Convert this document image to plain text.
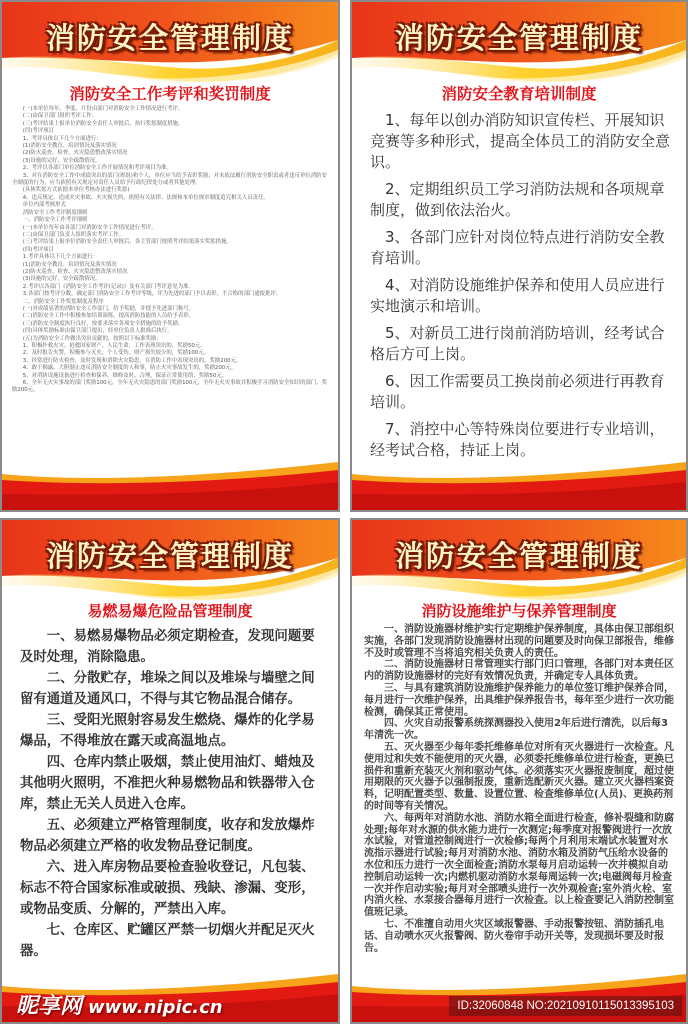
消防安全管理制度
消防安全工作考评和奖罚制度

(一)本单位每年、季度、月份由部门对消防安全工作情况进行考评。

(二)由保卫部门组织考评工作。

(三)考评结果上报单位消防安全责任人审批后，执行奖惩制度措施。

(四)考评项目

1、考评具体以下几个方面进行：

(1)消防安全教育、培训情况及落实情况

(2)防火巡查、检查、火灾隐患整改落实情况

(3)设施的完好，安全疏散情况。

2、考评以各部门单位消防安全工作开展情况和考评项目为准。

3、对在消防安全工作中成绩突出的部门(班组)和个人，单位应当给予表彰奖励；对未依法履行消防安全职责或者违反单位消防安全制度的行为，应当依照有关规定对责任人员给予行政纪律处分或者其他处理。

(具体奖惩方式依据本单位考核办法进行奖惩)

4、违反规定，造成火灾事故、火灾损失的，依照有关法律、法规和本单位规章制度追究相关人员责任。

单位内部考核形式

消防安全工作考评制度细则

一、消防安全工作考评细则

(一)本单位每年由各部门对消防安全工作情况进行考评。

(二)由保卫部门负责人组织落实考评工作。

(三)考评结果上报单位消防安全责任人审批后，各主管部门按照考评结果落实奖惩措施。

(四)考评项目

1.考评具体以下几个方面进行：

(1)消防安全教育、培训情况及落实情况

(2)防火巡查、检查、火灾隐患整改落实情况

(3)设施的完好，安全疏散情况。

2.考评以各部门《消防安全工作考评(记录)》及有关部门考评意见为准。

3.各部门按考评分数，确定部门消防安全工作考评等级，评为先进的部门予以表彰，不合格的部门通报批评。

二、消防安全工作奖惩制度及程序

(一)对成绩显著的消防安全工作部门，给予奖励，并授予先进部门称号。

(二)消防安全工作中积极参加培训演练，提高消防技能的人员给予表彰。

(三)消防安全制度执行良好，按要求落实各项安全措施的给予奖励。

(四)具体奖励标准由保卫部门提出，经单位负责人批准后执行。

(五)为消防安全工作做出突出贡献的，按照以下标准奖励：

1、积极扑救火灾，抢救国家财产、人民生命，工作表现突出的，奖励50元。

2、及时报告火警，积极参与灭火，个人受伤、财产损失较少的，奖励100元。

3、经常进行防火检查，及时发现和消除火灾隐患，在消防工作中表现突出的，奖励200元。

4、敢于揭露、大胆制止违反消防安全制度的人和事，防止火灾事故发生的，奖励200元。

5、对消防设施设备进行检查和保养，维修及时、合理，保证正常使用的，奖励50元。

6、全年无火灾事故的部门奖励100元，全年无火灾隐患的部门奖励100元，全年无火灾事故并积极学习消防安全知识的部门，奖励200元。

消防安全管理制度
消防安全教育培训制度

1、每年以创办消防知识宣传栏、开展知识竞赛等多种形式，提高全体员工的消防安全意识。

2、定期组织员工学习消防法规和各项规章制度，做到依法治火。

3、各部门应针对岗位特点进行消防安全教育培训。

4、对消防设施维护保养和使用人员应进行实地演示和培训。

5、对新员工进行岗前消防培训，经考试合格后方可上岗。

6、因工作需要员工换岗前必须进行再教育培训。

7、消控中心等特殊岗位要进行专业培训，经考试合格，持证上岗。

消防安全管理制度
易燃易爆危险品管理制度

一、易燃易爆物品必须定期检查，发现问题要及时处理，消除隐患。

二、分散贮存，堆垛之间以及堆垛与墙壁之间留有通道及通风口，不得与其它物品混合储存。

三、受阳光照射容易发生燃烧、爆炸的化学易爆品，不得堆放在露天或高温地点。

四、仓库内禁止吸烟，禁止使用油灯、蜡烛及其他明火照明，不准把火种易燃物品和铁器带入仓库，禁止无关人员进入仓库。

五、必须建立严格管理制度，收存和发放爆炸物品必须建立严格的收发物品登记制度。

六、进入库房物品要检查验收登记，凡包装、标志不符合国家标准或破损、残缺、渗漏、变形，或物品变质、分解的，严禁出入库。

七、仓库区、贮罐区严禁一切烟火并配足灭火器。

昵享网 www.nipic.cn
消防安全管理制度
消防设施维护与保养管理制度

一、消防设施器材维护实行定期维护保养制度，具体由保卫部组织实施，各部门发现消防设施器材出现的问题要及时向保卫部报告，维修不及时或管理不当将追究相关负责人的责任。

二、消防设施器材日常管理实行部门归口管理，各部门对本责任区内的消防设施器材的完好有效情况负责，并确定专人具体负责。

三、与具有建筑消防设施维护保养能力的单位签订维护保养合同，每月进行一次维护保养，出具维护保养报告书，每年至少进行一次功能检测，确保其正常使用。

四、火灾自动报警系统探测器投入使用2年后进行清洗，以后每3年清洗一次。

五、灭火器至少每年委托维修单位对所有灭火器进行一次检查。凡使用过和失效不能使用的灭火器，必须委托维修单位进行检查，更换已损件和重新充装灭火剂和驱动气体。必须落实灭火器报废制度，超过使用期限的灭火器予以强制报废，重新选配新灭火器。建立灭火器档案资料，记明配置类型、数量、设置位置、检查维修单位(人员)、更换药剂的时间等有关情况。

六、每两年对消防水池、消防水箱全面进行检查，修补裂缝和防腐处理;每年对水源的供水能力进行一次测定;每季度对报警阀进行一次放水试验，对管道控制阀进行一次检修;每两个月利用末端试水装置对水流指示器进行试验;每月对消防水池、消防水箱及消防气压给水设备的水位和压力进行一次全面检查;消防水泵每月启动运转一次并模拟自动控制启动运转一次;内燃机驱动消防水泵每周运转一次;电磁阀每月检查一次并作启动实验;每月对全部喷头进行一次外观检查;室外消火栓、室内消火栓、水泵接合器每月进行一次检查。以上检查要记入消防控制室值班记录。

七、不准擅自动用火灾区域报警器、手动报警按钮、消防插孔电话、自动喷水灭火报警阀、防火卷帘手动开关等，发现损坏要及时报告。

ID:32060848 NO:20210910115013395103
